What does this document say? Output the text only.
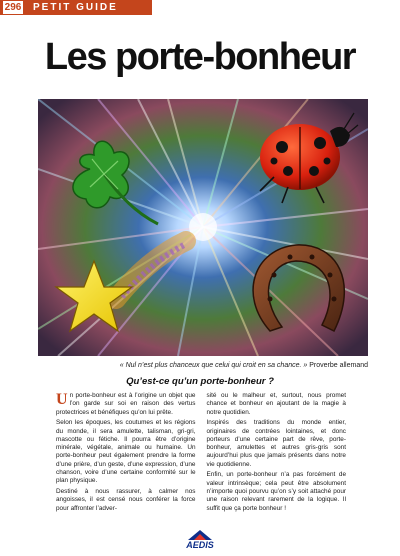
296 PETIT GUIDE
Les porte-bonheur
« Nul n’est plus chanceux que celui qui croit en sa chance. » Proverbe allemand
Qu’est-ce qu’un porte-bonheur ?

Un porte-bonheur est à l’origine un objet que l’on garde sur soi en raison des vertus protectrices et bénéfiques qu’on lui prête.

Selon les époques, les coutumes et les régions du monde, il sera amulette, talisman, gri-gri, mascotte ou fétiche. Il pourra être d’origine minérale, végétale, animale ou humaine. Un porte-bonheur peut également prendre la forme d’une prière, d’un geste, d’une expression, d’une chanson, voire d’une certaine conformité sur le plan physique.

Destiné à nous rassurer, à calmer nos angoisses, il est censé nous conférer la force pour affronter l’adver-

sité ou le malheur et, surtout, nous promet chance et bonheur en ajoutant de la magie à notre quotidien.

Inspirés des traditions du monde entier, originaires de contrées lointaines, et donc porteurs d’une certaine part de rêve, porte-bonheur, amulettes et autres gris-gris sont aujourd’hui plus que jamais présents dans notre vie quotidienne.

Enfin, un porte-bonheur n’a pas forcément de valeur intrinsèque; cela peut être absolument n’importe quoi pourvu qu’on s’y soit attaché pour une raison relevant rarement de la logique. Il suffit que ça porte bonheur !

AEDIS
